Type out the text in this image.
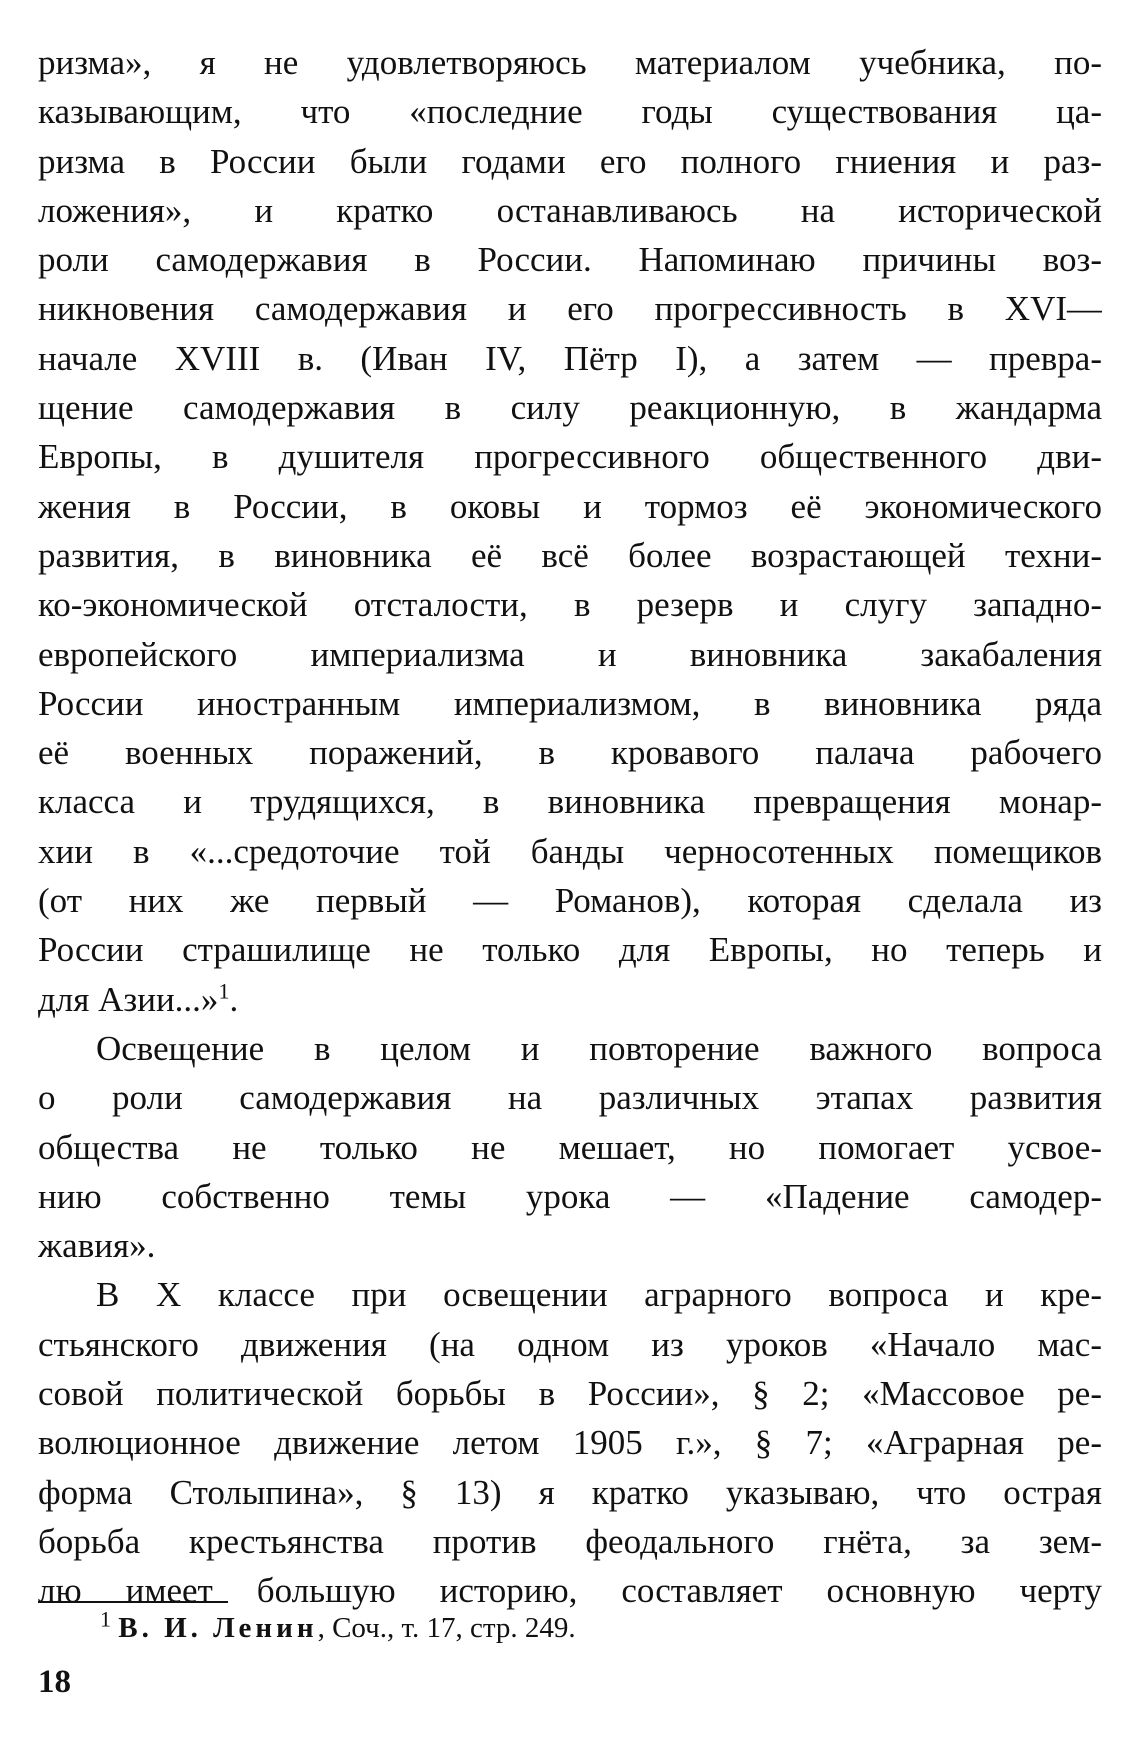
ризма», я не удовлетворяюсь материалом учебника, по-
казывающим, что «последние годы существования ца-
ризма в России были годами его полного гниения и раз-
ложения», и кратко останавливаюсь на исторической
роли самодержавия в России. Напоминаю причины воз-
никновения самодержавия и его прогрессивность в XVI—
начале XVIII в. (Иван IV, Пётр I), а затем — превра-
щение самодержавия в силу реакционную, в жандарма
Европы, в душителя прогрессивного общественного дви-
жения в России, в оковы и тормоз её экономического
развития, в виновника её всё более возрастающей техни-
ко-экономической отсталости, в резерв и слугу западно-
европейского империализма и виновника закабаления
России иностранным империализмом, в виновника ряда
её военных поражений, в кровавого палача рабочего
класса и трудящихся, в виновника превращения монар-
хии в «...средоточие той банды черносотенных помещиков
(от них же первый — Романов), которая сделала из
России страшилище не только для Европы, но теперь и
для Азии...»$^1$.

Освещение в целом и повторение важного вопроса
о роли самодержавия на различных этапах развития
общества не только не мешает, но помогает усвое-
нию собственно темы урока — «Падение самодер-
жавия».

В X классе при освещении аграрного вопроса и кре-
стьянского движения (на одном из уроков «Начало мас-
совой политической борьбы в России», § 2; «Массовое ре-
волюционное движение летом 1905 г.», § 7; «Аграрная ре-
форма Столыпина», § 13) я кратко указываю, что острая
борьба крестьянства против феодального гнёта, за зем-
лю имеет большую историю, составляет основную черту

$^1$ В. И. Ленин, Соч., т. 17, стр. 249.
18
